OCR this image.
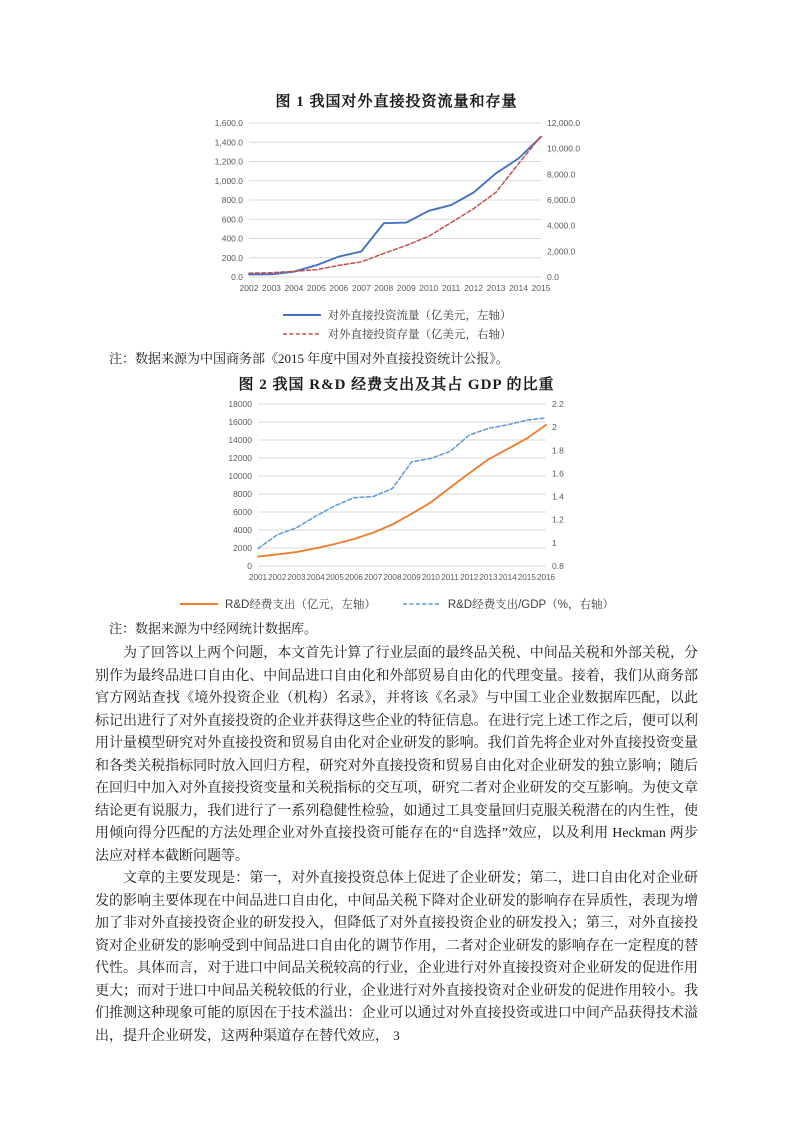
图 1 我国对外直接投资流量和存量
1,600.0
1,400.0
1,200.0
1,000.0
800.0
600.0
400.0
200.0
0.0
12,000.0
10,000.0
8,000.0
6,000.0
4,000.0
2,000.0
0.0
2002 2003 2004 2005 2006 2007 2008 2009 2010 2011 2012 2013 2014 2015
对外直接投资流量（亿美元，左轴）
对外直接投资存量（亿美元，右轴）
注：数据来源为中国商务部《2015 年度中国对外直接投资统计公报》。
图 2 我国 R&D 经费支出及其占 GDP 的比重
18000
16000
14000
12000
10000
8000
6000
4000
2000
0
2.2
2
1.8
1.6
1.4
1.2
1
0.8
2001 2002 2003 2004 2005 2006 2007 2008 2009 2010 2011 2012 2013 2014 2015 2016
R&D经费支出（亿元，左轴）	R&D经费支出/GDP（%，右轴）
注：数据来源为中经网统计数据库。

为了回答以上两个问题，本文首先计算了行业层面的最终品关税、中间品关税和外部关税，分别作为最终品进口自由化、中间品进口自由化和外部贸易自由化的代理变量。接着，我们从商务部官方网站查找《境外投资企业（机构）名录》，并将该《名录》与中国工业企业数据库匹配，以此标记出进行了对外直接投资的企业并获得这些企业的特征信息。在进行完上述工作之后，便可以利用计量模型研究对外直接投资和贸易自由化对企业研发的影响。我们首先将企业对外直接投资变量和各类关税指标同时放入回归方程，研究对外直接投资和贸易自由化对企业研发的独立影响；随后在回归中加入对外直接投资变量和关税指标的交互项，研究二者对企业研发的交互影响。为使文章结论更有说服力，我们进行了一系列稳健性检验，如通过工具变量回归克服关税潜在的内生性，使用倾向得分匹配的方法处理企业对外直接投资可能存在的“自选择”效应，以及利用 Heckman 两步法应对样本截断问题等。

文章的主要发现是：第一，对外直接投资总体上促进了企业研发；第二，进口自由化对企业研发的影响主要体现在中间品进口自由化，中间品关税下降对企业研发的影响存在异质性，表现为增加了非对外直接投资企业的研发投入，但降低了对外直接投资企业的研发投入；第三，对外直接投资对企业研发的影响受到中间品进口自由化的调节作用，二者对企业研发的影响存在一定程度的替代性。具体而言，对于进口中间品关税较高的行业，企业进行对外直接投资对企业研发的促进作用更大；而对于进口中间品关税较低的行业，企业进行对外直接投资对企业研发的促进作用较小。我们推测这种现象可能的原因在于技术溢出：企业可以通过对外直接投资或进口中间产品获得技术溢出，提升企业研发，这两种渠道存在替代效应， 3
